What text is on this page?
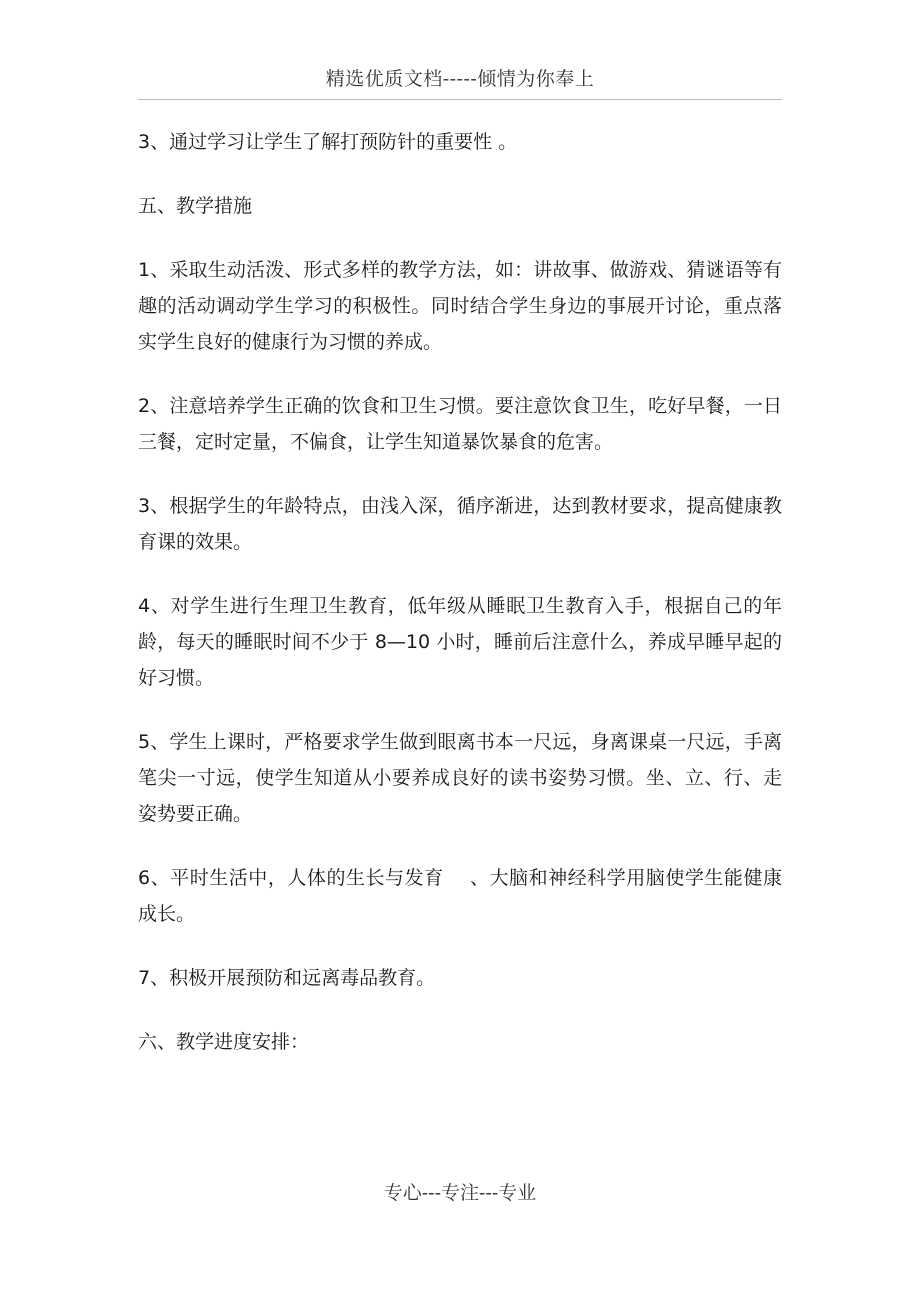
精选优质文档-----倾情为你奉上

3、通过学习让学生了解打预防针的重要性 。

五、教学措施

1、采取生动活泼、形式多样的教学方法，如：讲故事、做游戏、猜谜语等有趣的活动调动学生学习的积极性。同时结合学生身边的事展开讨论，重点落实学生良好的健康行为习惯的养成。

2、注意培养学生正确的饮食和卫生习惯。要注意饮食卫生，吃好早餐，一日三餐，定时定量，不偏食，让学生知道暴饮暴食的危害。

3、根据学生的年龄特点，由浅入深，循序渐进，达到教材要求，提高健康教育课的效果。

4、对学生进行生理卫生教育，低年级从睡眠卫生教育入手，根据自己的年龄，每天的睡眠时间不少于 8—10 小时，睡前后注意什么，养成早睡早起的好习惯。

5、学生上课时，严格要求学生做到眼离书本一尺远，身离课桌一尺远，手离笔尖一寸远，使学生知道从小要养成良好的读书姿势习惯。坐、立、行、走姿势要正确。

6、平时生活中，人体的生长与发育    、大脑和神经科学用脑使学生能健康成长。

7、积极开展预防和远离毒品教育。

六、教学进度安排：

专心---专注---专业
